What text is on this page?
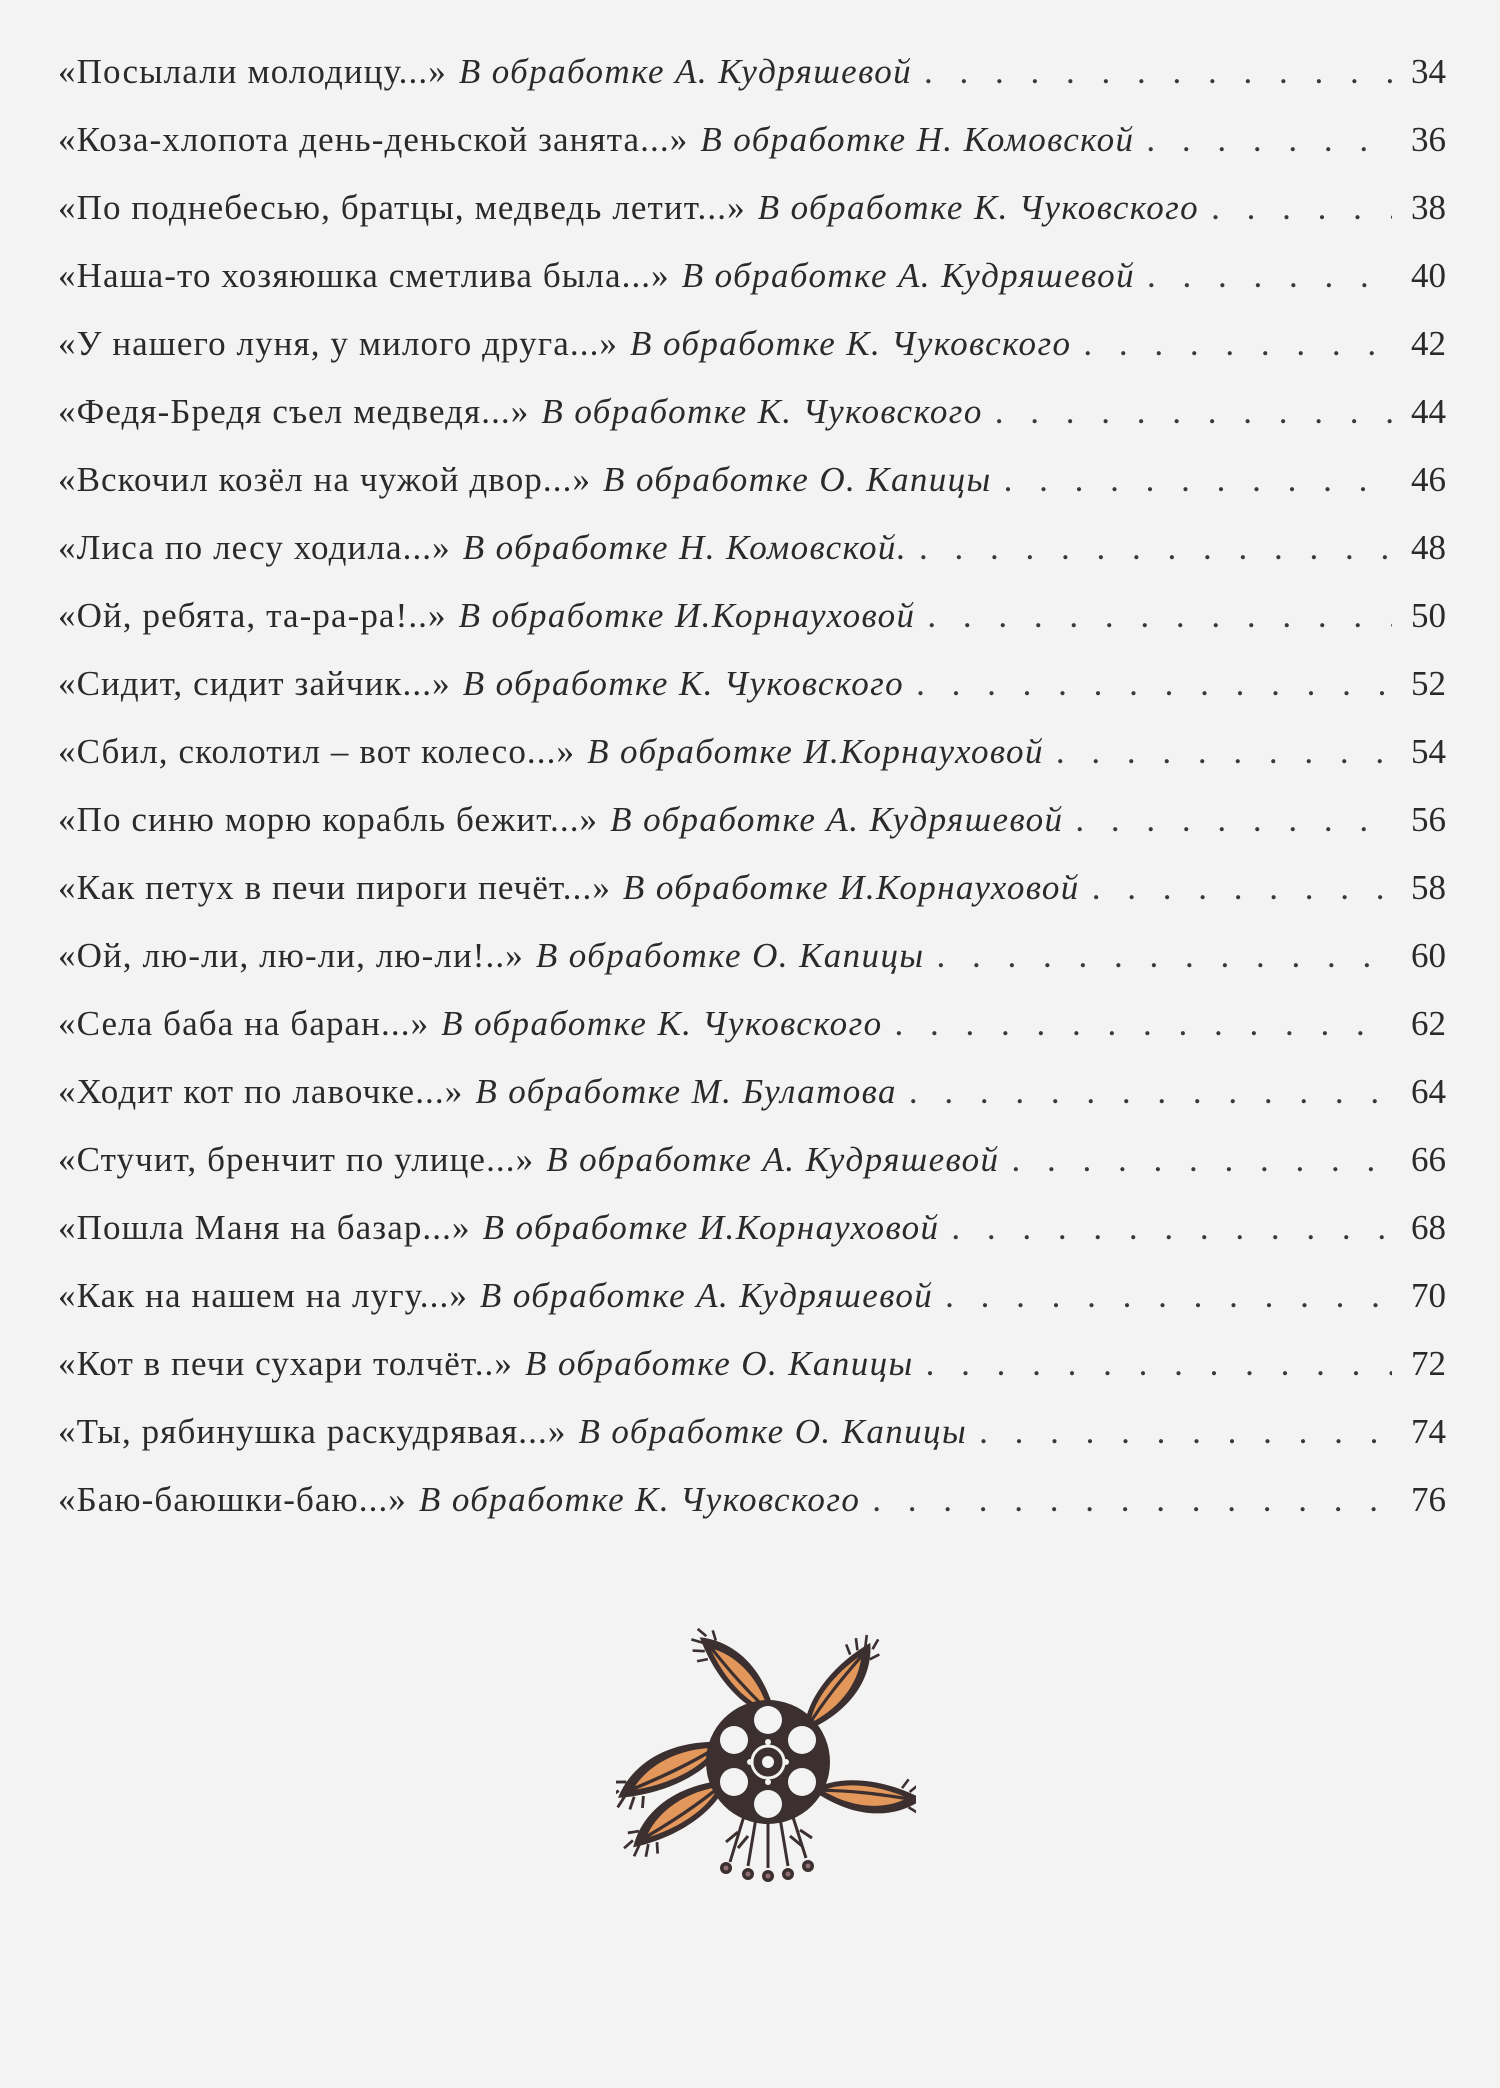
«Посылали молодицу...» В обработке А. Кудряшевой . . .	34
«Коза-хлопота день-деньской занята...» В обработке Н. Комовской . . .	36
«По поднебесью, братцы, медведь летит...» В обработке К. Чуковского . . .	38
«Наша-то хозяюшка сметлива была...» В обработке А. Кудряшевой . . .	40
«У нашего луня, у милого друга...» В обработке К. Чуковского . . .	42
«Федя-Бредя съел медведя...» В обработке К. Чуковского . . .	44
«Вскочил козёл на чужой двор...» В обработке О. Капицы . . .	46
«Лиса по лесу ходила...» В обработке Н. Комовской. . . .	48
«Ой, ребята, та-ра-ра!..» В обработке И.Корнауховой . . .	50
«Сидит, сидит зайчик...» В обработке К. Чуковского . . .	52
«Сбил, сколотил – вот колесо...» В обработке И.Корнауховой . . .	54
«По синю морю корабль бежит...» В обработке А. Кудряшевой . . .	56
«Как петух в печи пироги печёт...» В обработке И.Корнауховой . . .	58
«Ой, лю-ли, лю-ли, лю-ли!..» В обработке О. Капицы . . .	60
«Села баба на баран...» В обработке К. Чуковского . . .	62
«Ходит кот по лавочке...» В обработке М. Булатова . . .	64
«Стучит, бренчит по улице...» В обработке А. Кудряшевой . . .	66
«Пошла Маня на базар...» В обработке И.Корнауховой . . .	68
«Как на нашем на лугу...» В обработке А. Кудряшевой . . .	70
«Кот в печи сухари толчёт..» В обработке О. Капицы . . .	72
«Ты, рябинушка раскудрявая...» В обработке О. Капицы . . .	74
«Баю-баюшки-баю...» В обработке К. Чуковского . . .	76
